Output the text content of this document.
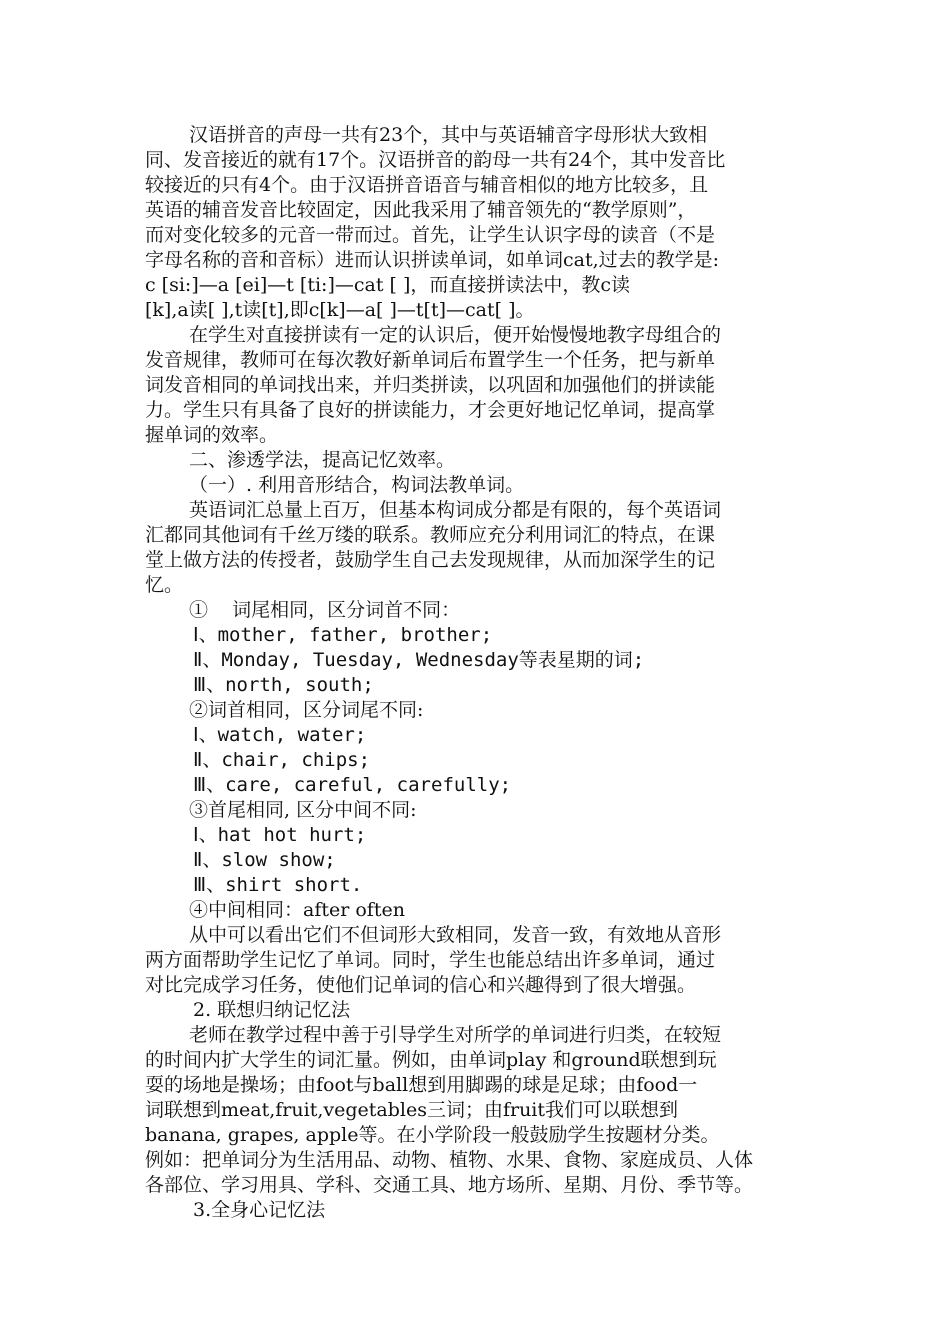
汉语拼音的声母一共有23个，其中与英语辅音字母形状大致相
同、发音接近的就有17个。汉语拼音的韵母一共有24个，其中发音比
较接近的只有4个。由于汉语拼音语音与辅音相似的地方比较多，且
英语的辅音发音比较固定，因此我采用了辅音领先的“教学原则”，
而对变化较多的元音一带而过。首先，让学生认识字母的读音（不是
字母名称的音和音标）进而认识拼读单词，如单词cat,过去的教学是:
c [si:]—a [ei]—t [ti:]—cat [ ]，而直接拼读法中，教c读
[k],a读[ ],t读[t],即c[k]—a[ ]—t[t]—cat[ ]。
在学生对直接拼读有一定的认识后，便开始慢慢地教字母组合的
发音规律，教师可在每次教好新单词后布置学生一个任务，把与新单
词发音相同的单词找出来，并归类拼读，以巩固和加强他们的拼读能
力。学生只有具备了良好的拼读能力，才会更好地记忆单词，提高掌
握单词的效率。
二、渗透学法，提高记忆效率。
（一）. 利用音形结合，构词法教单词。
英语词汇总量上百万，但基本构词成分都是有限的，每个英语词
汇都同其他词有千丝万缕的联系。教师应充分利用词汇的特点，在课
堂上做方法的传授者，鼓励学生自己去发现规律，从而加深学生的记
忆。
①    词尾相同，区分词首不同：
Ⅰ、mother, father, brother;
Ⅱ、Monday, Tuesday, Wednesday等表星期的词;
Ⅲ、north, south;
②词首相同，区分词尾不同:
Ⅰ、watch, water;
Ⅱ、chair, chips;
Ⅲ、care, careful, carefully;
③首尾相同, 区分中间不同:
Ⅰ、hat hot hurt;
Ⅱ、slow show;
Ⅲ、shirt short.
④中间相同：after often
从中可以看出它们不但词形大致相同，发音一致，有效地从音形
两方面帮助学生记忆了单词。同时，学生也能总结出许多单词，通过
对比完成学习任务，使他们记单词的信心和兴趣得到了很大增强。
2. 联想归纳记忆法
老师在教学过程中善于引导学生对所学的单词进行归类，在较短
的时间内扩大学生的词汇量。例如，由单词play 和ground联想到玩
耍的场地是操场；由foot与ball想到用脚踢的球是足球；由food一
词联想到meat,fruit,vegetables三词；由fruit我们可以联想到
banana, grapes, apple等。在小学阶段一般鼓励学生按题材分类。
例如：把单词分为生活用品、动物、植物、水果、食物、家庭成员、人体
各部位、学习用具、学科、交通工具、地方场所、星期、月份、季节等。
3.全身心记忆法
